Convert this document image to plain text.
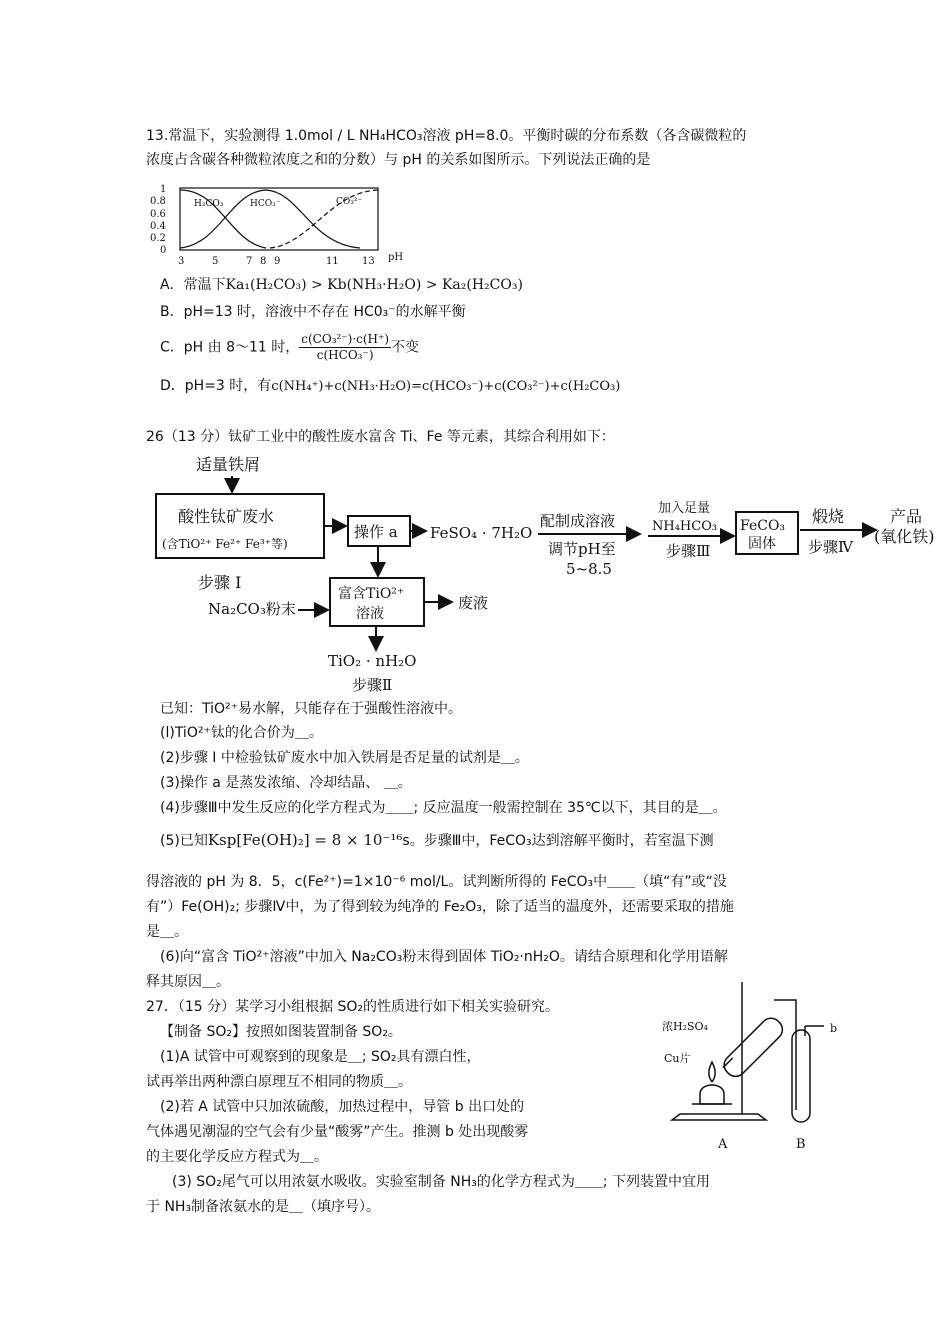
13.常温下，实验测得 1.0mol / L NH₄HCO₃溶液 pH=8.0。平衡时碳的分布系数（各含碳微粒的
浓度占含碳各种微粒浓度之和的分数）与 pH 的关系如图所示。下列说法正确的是
1
0.8
0.6
0.4
0.2
0
H₂CO₃	HCO₃⁻	CO₃²⁻
3	5	7 8 9	11 13 pH
A．常温下Ka₁(H₂CO₃) > Kb(NH₃·H₂O) > Ka₂(H₂CO₃)
B．pH=13 时，溶液中不存在 HC0₃⁻的水解平衡
C．pH 由 8～11 时，
c(CO₃²⁻)·c(H⁺)
c(HCO₃⁻)	不变
D．pH=3 时，有c(NH₄⁺)+c(NH₃·H₂O)=c(HCO₃⁻)+c(CO₃²⁻)+c(H₂CO₃)
26（13 分）钛矿工业中的酸性废水富含 Ti、Fe 等元素，其综合利用如下：
适量铁屑
酸性钛矿废水
(含TiO²⁺ Fe²⁺ Fe³⁺等)
步骤 I
操作 a FeSO₄ · 7H₂O
配制成溶液
调节pH至
5~8.5
加入足量
NH₄HCO₃
步骤Ⅲ
FeCO₃
固体
煅烧
步骤Ⅳ
产品
(氧化铁)
Na₂CO₃粉末
富含TiO²⁺
溶液
废液
TiO₂ · nH₂O
步骤Ⅱ
已知：TiO²⁺易水解，只能存在于强酸性溶液中。
(l)TiO²⁺钛的化合价为＿。
(2)步骤 I 中检验钛矿废水中加入铁屑是否足量的试剂是＿。
(3)操作 a 是蒸发浓缩、冷却结晶、 ＿。
(4)步骤Ⅲ中发生反应的化学方程式为＿＿; 反应温度一般需控制在 35℃以下，其目的是＿。
(5)已知Ksp[Fe(OH)₂] = 8 × 10⁻¹⁶s。步骤Ⅲ中，FeCO₃达到溶解平衡时，若室温下测
得溶液的 pH 为 8．5，c(Fe²⁺)=1×10⁻⁶ mol/L。试判断所得的 FeCO₃中＿＿（填“有”或“没
有”）Fe(OH)₂; 步骤Ⅳ中，为了得到较为纯净的 Fe₂O₃，除了适当的温度外，还需要采取的措施
是＿。
(6)向“富含 TiO²⁺溶液”中加入 Na₂CO₃粉末得到固体 TiO₂·nH₂O。请结合原理和化学用语解
释其原因＿。
27．（15 分）某学习小组根据 SO₂的性质进行如下相关实验研究。
【制备 SO₂】按照如图装置制备 SO₂。
(1)A 试管中可观察到的现象是＿; SO₂具有漂白性，
试再举出两种漂白原理互不相同的物质＿。
(2)若 A 试管中只加浓硫酸，加热过程中，导管 b 出口处的
气体遇见潮湿的空气会有少量“酸雾”产生。推测 b 处出现酸雾
的主要化学反应方程式为＿。
(3) SO₂尾气可以用浓氨水吸收。实验室制备 NH₃的化学方程式为＿＿; 下列装置中宜用
于 NH₃制备浓氨水的是＿（填序号）。
浓H₂SO₄
Cu片
b
A	B
